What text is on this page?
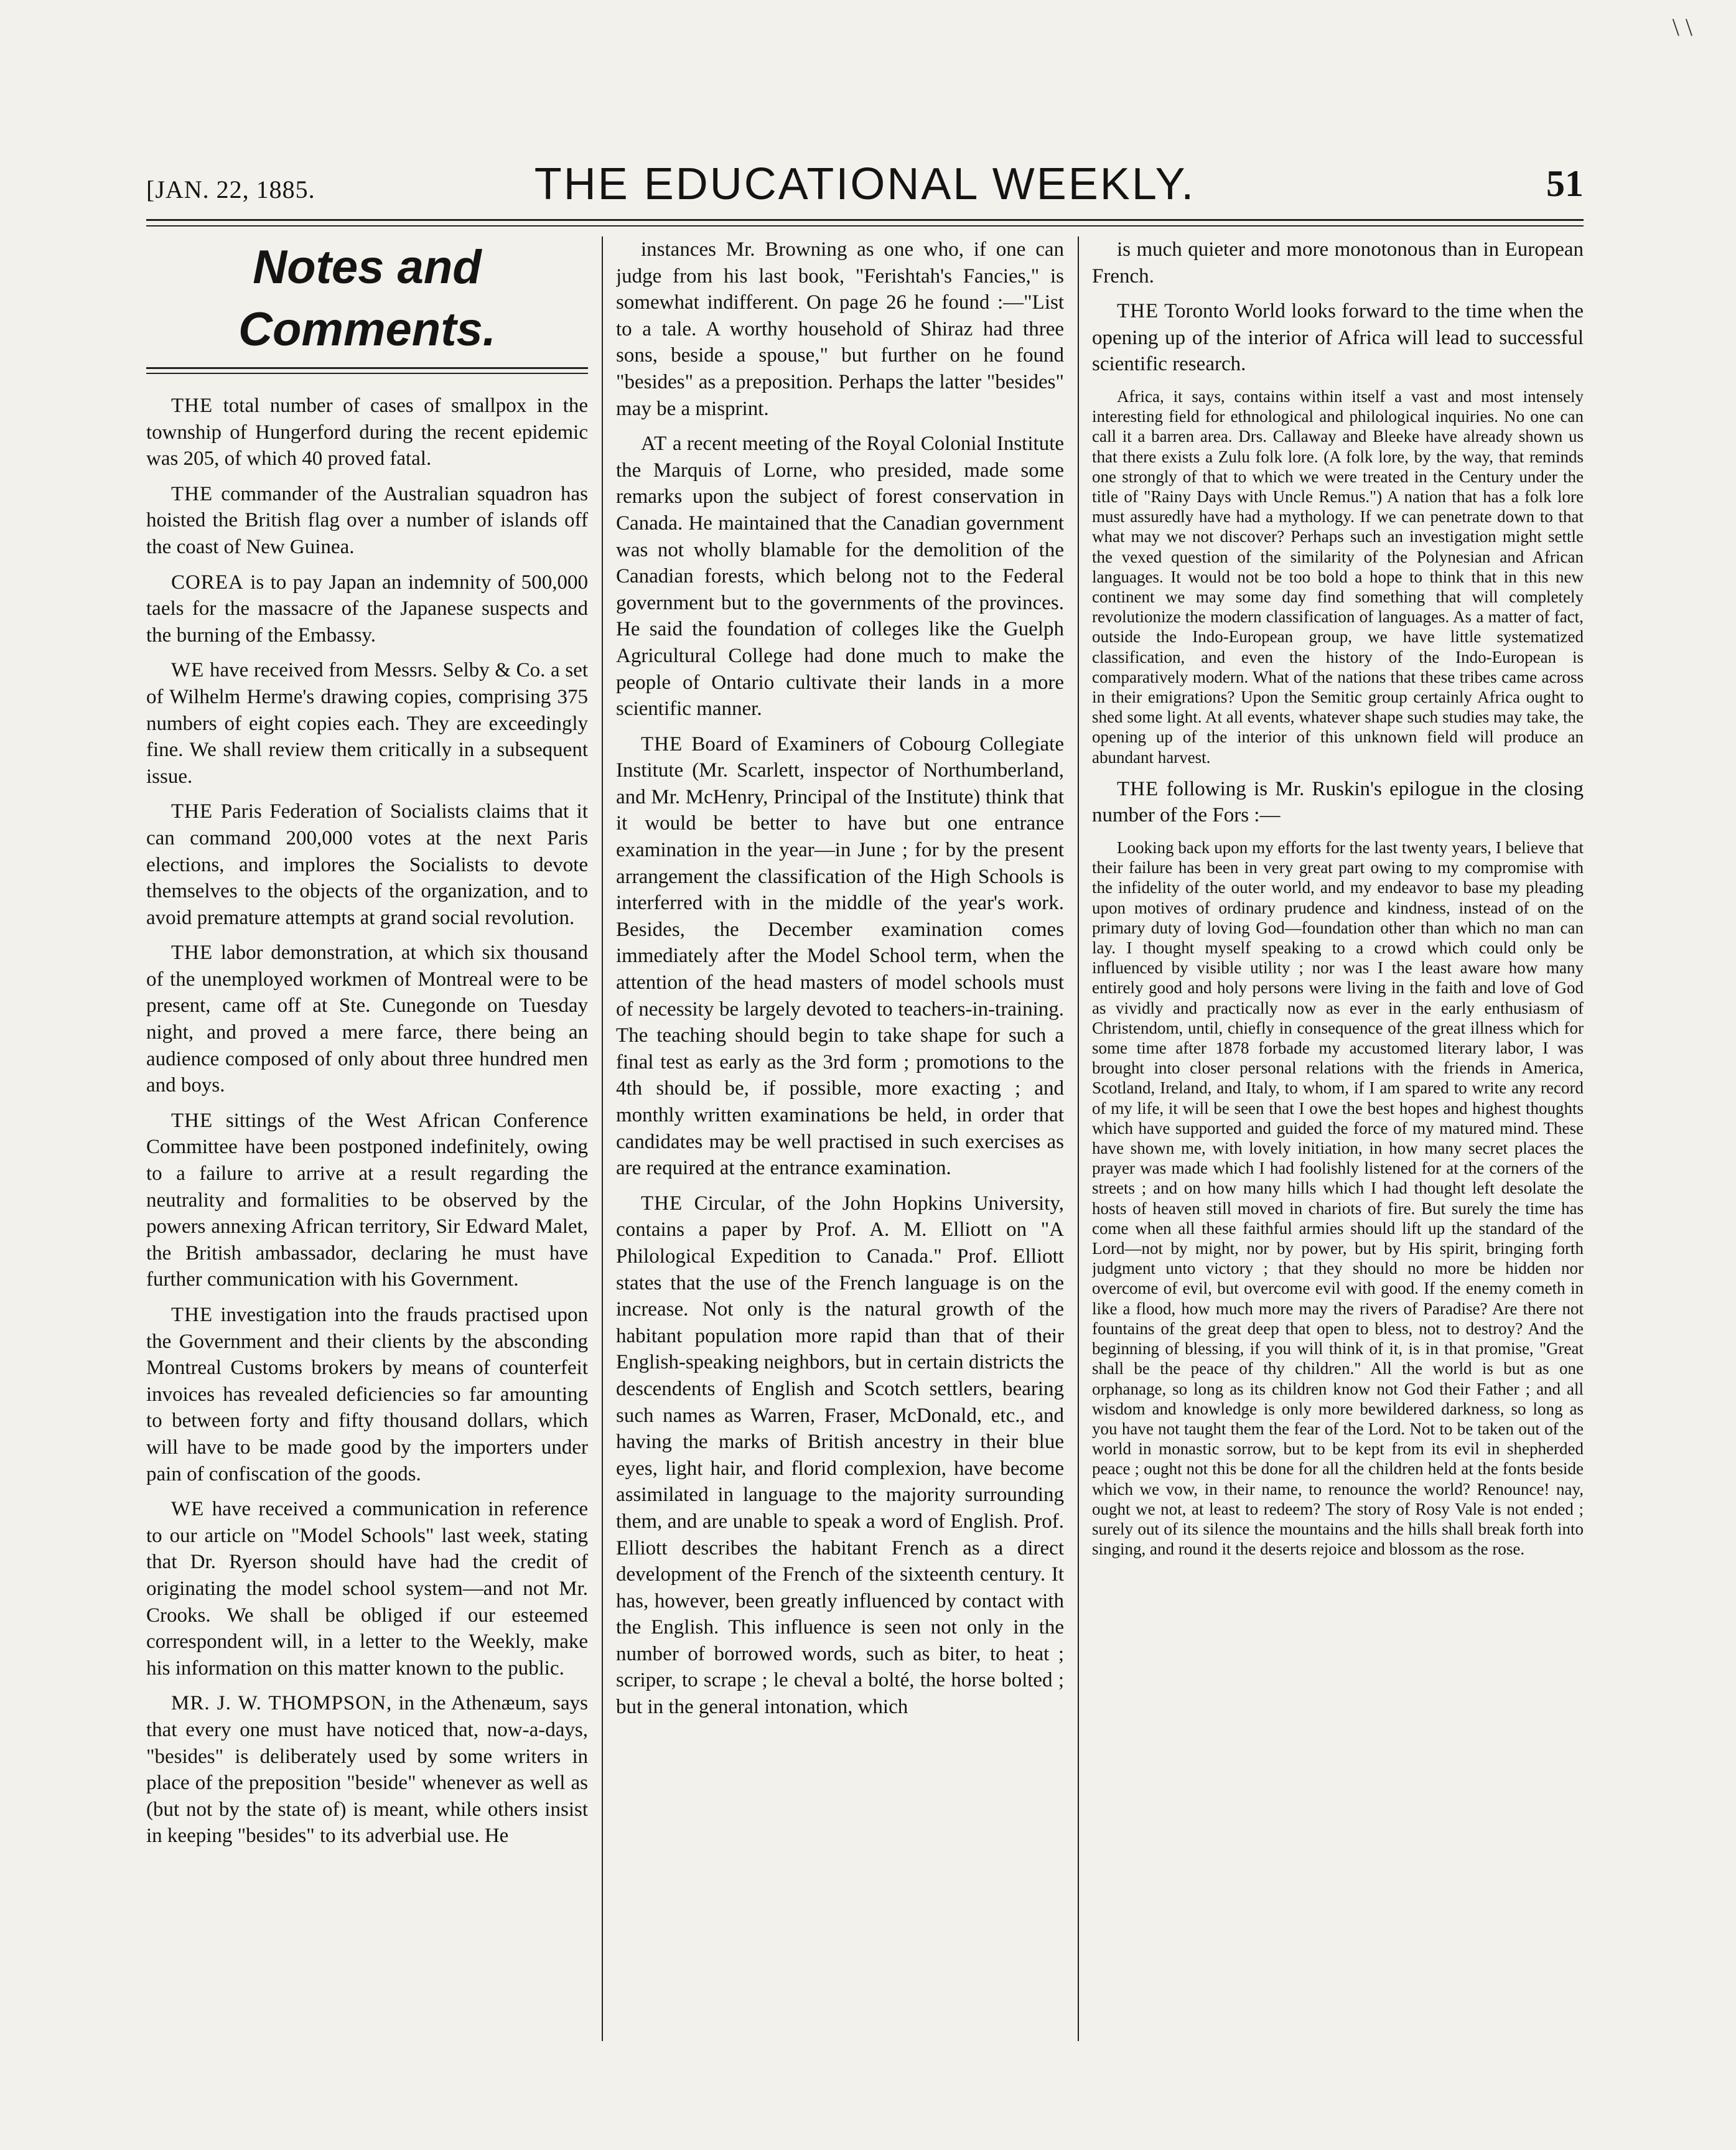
\ \
[JAN. 22, 1885.	THE EDUCATIONAL WEEKLY.	51
Notes and Comments.

THE total number of cases of smallpox in the township of Hungerford during the recent epidemic was 205, of which 40 proved fatal.

THE commander of the Australian squadron has hoisted the British flag over a number of islands off the coast of New Guinea.

COREA is to pay Japan an indemnity of 500,000 taels for the massacre of the Japanese suspects and the burning of the Embassy.

WE have received from Messrs. Selby & Co. a set of Wilhelm Herme's drawing copies, comprising 375 numbers of eight copies each. They are exceedingly fine. We shall review them critically in a subsequent issue.

THE Paris Federation of Socialists claims that it can command 200,000 votes at the next Paris elections, and implores the Socialists to devote themselves to the objects of the organization, and to avoid premature attempts at grand social revolution.

THE labor demonstration, at which six thousand of the unemployed workmen of Montreal were to be present, came off at Ste. Cunegonde on Tuesday night, and proved a mere farce, there being an audience composed of only about three hundred men and boys.

THE sittings of the West African Conference Committee have been postponed indefinitely, owing to a failure to arrive at a result regarding the neutrality and formalities to be observed by the powers annexing African territory, Sir Edward Malet, the British ambassador, declaring he must have further communication with his Government.

THE investigation into the frauds practised upon the Government and their clients by the absconding Montreal Customs brokers by means of counterfeit invoices has revealed deficiencies so far amounting to between forty and fifty thousand dollars, which will have to be made good by the importers under pain of confiscation of the goods.

WE have received a communication in reference to our article on "Model Schools" last week, stating that Dr. Ryerson should have had the credit of originating the model school system—and not Mr. Crooks. We shall be obliged if our esteemed correspondent will, in a letter to the Weekly, make his information on this matter known to the public.

MR. J. W. THOMPSON, in the Athenæum, says that every one must have noticed that, now-a-days, "besides" is deliberately used by some writers in place of the preposition "beside" whenever as well as (but not by the state of) is meant, while others insist in keeping "besides" to its adverbial use. He

instances Mr. Browning as one who, if one can judge from his last book, "Ferishtah's Fancies," is somewhat indifferent. On page 26 he found :—"List to a tale. A worthy household of Shiraz had three sons, beside a spouse," but further on he found "besides" as a preposition. Perhaps the latter "besides" may be a misprint.

AT a recent meeting of the Royal Colonial Institute the Marquis of Lorne, who presided, made some remarks upon the subject of forest conservation in Canada. He maintained that the Canadian government was not wholly blamable for the demolition of the Canadian forests, which belong not to the Federal government but to the governments of the provinces. He said the foundation of colleges like the Guelph Agricultural College had done much to make the people of Ontario cultivate their lands in a more scientific manner.

THE Board of Examiners of Cobourg Collegiate Institute (Mr. Scarlett, inspector of Northumberland, and Mr. McHenry, Principal of the Institute) think that it would be better to have but one entrance examination in the year—in June ; for by the present arrangement the classification of the High Schools is interferred with in the middle of the year's work. Besides, the December examination comes immediately after the Model School term, when the attention of the head masters of model schools must of necessity be largely devoted to teachers-in-training. The teaching should begin to take shape for such a final test as early as the 3rd form ; promotions to the 4th should be, if possible, more exacting ; and monthly written examinations be held, in order that candidates may be well practised in such exercises as are required at the entrance examination.

THE Circular, of the John Hopkins University, contains a paper by Prof. A. M. Elliott on "A Philological Expedition to Canada." Prof. Elliott states that the use of the French language is on the increase. Not only is the natural growth of the habitant population more rapid than that of their English-speaking neighbors, but in certain districts the descendents of English and Scotch settlers, bearing such names as Warren, Fraser, McDonald, etc., and having the marks of British ancestry in their blue eyes, light hair, and florid complexion, have become assimilated in language to the majority surrounding them, and are unable to speak a word of English. Prof. Elliott describes the habitant French as a direct development of the French of the sixteenth century. It has, however, been greatly influenced by contact with the English. This influence is seen not only in the number of borrowed words, such as biter, to heat ; scriper, to scrape ; le cheval a bolté, the horse bolted ; but in the general intonation, which

is much quieter and more monotonous than in European French.

THE Toronto World looks forward to the time when the opening up of the interior of Africa will lead to successful scientific research.

Africa, it says, contains within itself a vast and most intensely interesting field for ethnological and philological inquiries. No one can call it a barren area. Drs. Callaway and Bleeke have already shown us that there exists a Zulu folk lore. (A folk lore, by the way, that reminds one strongly of that to which we were treated in the Century under the title of "Rainy Days with Uncle Remus.") A nation that has a folk lore must assuredly have had a mythology. If we can penetrate down to that what may we not discover? Perhaps such an investigation might settle the vexed question of the similarity of the Polynesian and African languages. It would not be too bold a hope to think that in this new continent we may some day find something that will completely revolutionize the modern classification of languages. As a matter of fact, outside the Indo-European group, we have little systematized classification, and even the history of the Indo-European is comparatively modern. What of the nations that these tribes came across in their emigrations? Upon the Semitic group certainly Africa ought to shed some light. At all events, whatever shape such studies may take, the opening up of the interior of this unknown field will produce an abundant harvest.

THE following is Mr. Ruskin's epilogue in the closing number of the Fors :—

Looking back upon my efforts for the last twenty years, I believe that their failure has been in very great part owing to my compromise with the infidelity of the outer world, and my endeavor to base my pleading upon motives of ordinary prudence and kindness, instead of on the primary duty of loving God—foundation other than which no man can lay. I thought myself speaking to a crowd which could only be influenced by visible utility ; nor was I the least aware how many entirely good and holy persons were living in the faith and love of God as vividly and practically now as ever in the early enthusiasm of Christendom, until, chiefly in consequence of the great illness which for some time after 1878 forbade my accustomed literary labor, I was brought into closer personal relations with the friends in America, Scotland, Ireland, and Italy, to whom, if I am spared to write any record of my life, it will be seen that I owe the best hopes and highest thoughts which have supported and guided the force of my matured mind. These have shown me, with lovely initiation, in how many secret places the prayer was made which I had foolishly listened for at the corners of the streets ; and on how many hills which I had thought left desolate the hosts of heaven still moved in chariots of fire. But surely the time has come when all these faithful armies should lift up the standard of the Lord—not by might, nor by power, but by His spirit, bringing forth judgment unto victory ; that they should no more be hidden nor overcome of evil, but overcome evil with good. If the enemy cometh in like a flood, how much more may the rivers of Paradise? Are there not fountains of the great deep that open to bless, not to destroy? And the beginning of blessing, if you will think of it, is in that promise, "Great shall be the peace of thy children." All the world is but as one orphanage, so long as its children know not God their Father ; and all wisdom and knowledge is only more bewildered darkness, so long as you have not taught them the fear of the Lord. Not to be taken out of the world in monastic sorrow, but to be kept from its evil in shepherded peace ; ought not this be done for all the children held at the fonts beside which we vow, in their name, to renounce the world? Renounce! nay, ought we not, at least to redeem? The story of Rosy Vale is not ended ; surely out of its silence the mountains and the hills shall break forth into singing, and round it the deserts rejoice and blossom as the rose.
